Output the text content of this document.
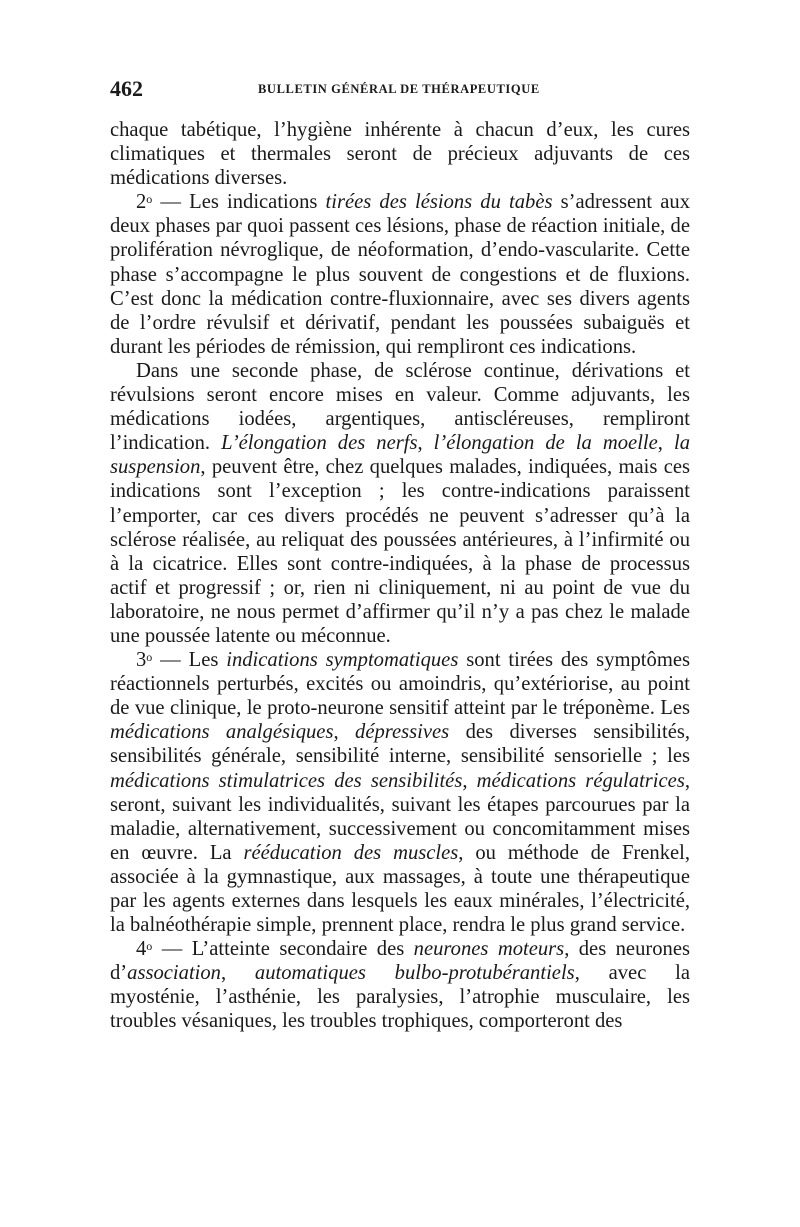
462	BULLETIN GÉNÉRAL DE THÉRAPEUTIQUE

chaque tabétique, l’hygiène inhérente à chacun d’eux, les cures climatiques et thermales seront de précieux adjuvants de ces médications diverses.

2$^o$ — Les indications tirées des lésions du tabès s’adressent aux deux phases par quoi passent ces lésions, phase de réaction initiale, de prolifération névroglique, de néoformation, d’endo-vascularite. Cette phase s’accompagne le plus souvent de congestions et de fluxions. C’est donc la médication contre-fluxionnaire, avec ses divers agents de l’ordre révulsif et dérivatif, pendant les poussées subaiguës et durant les périodes de rémission, qui rempliront ces indications.

Dans une seconde phase, de sclérose continue, dérivations et révulsions seront encore mises en valeur. Comme adjuvants, les médications iodées, argentiques, antiscléreuses, rempliront l’indication. L’élongation des nerfs, l’élongation de la moelle, la suspension, peuvent être, chez quelques malades, indiquées, mais ces indications sont l’exception ; les contre-indications paraissent l’emporter, car ces divers procédés ne peuvent s’adresser qu’à la sclérose réalisée, au reliquat des poussées antérieures, à l’infirmité ou à la cicatrice. Elles sont contre-indiquées, à la phase de processus actif et progressif ; or, rien ni cliniquement, ni au point de vue du laboratoire, ne nous permet d’affirmer qu’il n’y a pas chez le malade une poussée latente ou méconnue.

3$^o$ — Les indications symptomatiques sont tirées des symptômes réactionnels perturbés, excités ou amoindris, qu’extériorise, au point de vue clinique, le proto-neurone sensitif atteint par le tréponème. Les médications analgésiques, dépressives des diverses sensibilités, sensibilités générale, sensibilité interne, sensibilité sensorielle ; les médications stimulatrices des sensibilités, médications régulatrices, seront, suivant les individualités, suivant les étapes parcourues par la maladie, alternativement, successivement ou concomitamment mises en œuvre. La rééducation des muscles, ou méthode de Frenkel, associée à la gymnastique, aux massages, à toute une thérapeutique par les agents externes dans lesquels les eaux minérales, l’électricité, la balnéothérapie simple, prennent place, rendra le plus grand service.

4$^o$ — L’atteinte secondaire des neurones moteurs, des neurones d’association, automatiques bulbo-protubérantiels, avec la myosténie, l’asthénie, les paralysies, l’atrophie musculaire, les troubles vésaniques, les troubles trophiques, comporteront des
